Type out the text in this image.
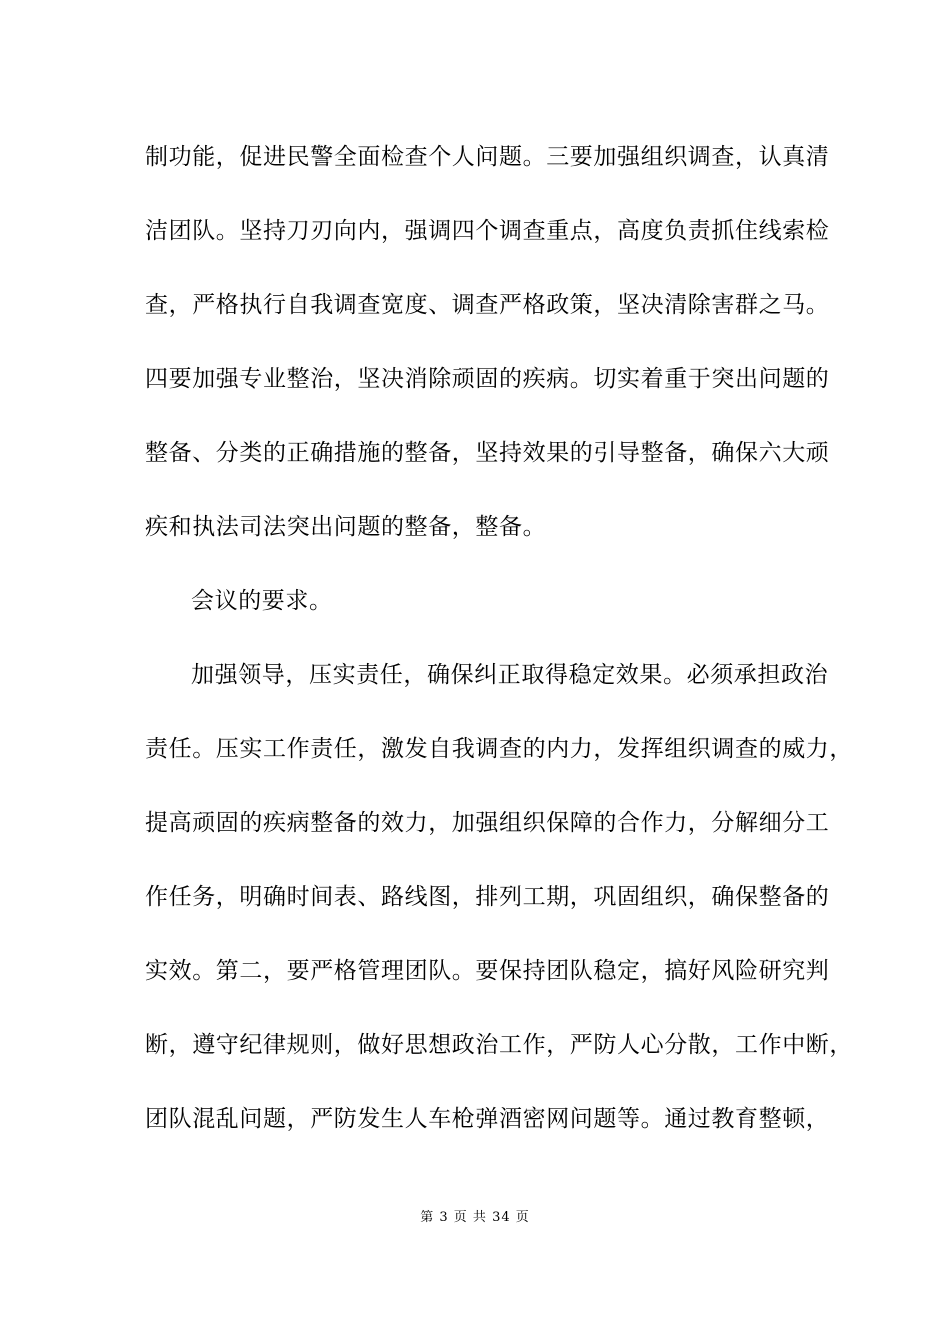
制功能，促进民警全面检查个人问题。三要加强组织调查，认真清
洁团队。坚持刀刃向内，强调四个调查重点，高度负责抓住线索检
查，严格执行自我调查宽度、调查严格政策，坚决清除害群之马。
四要加强专业整治，坚决消除顽固的疾病。切实着重于突出问题的
整备、分类的正确措施的整备，坚持效果的引导整备，确保六大顽
疾和执法司法突出问题的整备，整备。
会议的要求。
加强领导，压实责任，确保纠正取得稳定效果。必须承担政治
责任。压实工作责任，激发自我调查的内力，发挥组织调查的威力，
提高顽固的疾病整备的效力，加强组织保障的合作力，分解细分工
作任务，明确时间表、路线图，排列工期，巩固组织，确保整备的
实效。第二，要严格管理团队。要保持团队稳定，搞好风险研究判
断，遵守纪律规则，做好思想政治工作，严防人心分散，工作中断，
团队混乱问题，严防发生人车枪弹酒密网问题等。通过教育整顿，
第 3 页 共 34 页
